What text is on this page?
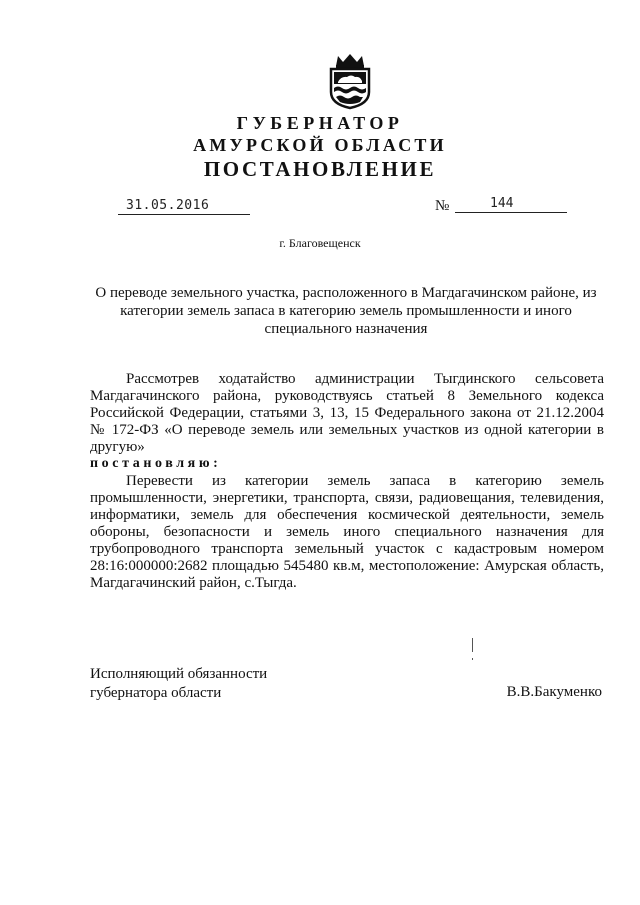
ГУБЕРНАТОР
АМУРСКОЙ ОБЛАСТИ
ПОСТАНОВЛЕНИЕ
31.05.2016	№	144
г. Благовещенск
О переводе земельного участка, расположенного в Магдагачинском районе, из категории земель запаса в категорию земель промышленности и иного специального назначения
Рассмотрев ходатайство администрации Тыгдинского сельсовета Магдагачинского района, руководствуясь статьей 8 Земельного кодекса Российской Федерации, статьями 3, 13, 15 Федерального закона от 21.12.2004 № 172-ФЗ «О переводе земель или земельных участков из одной категории в другую»
постановляю:
Перевести из категории земель запаса в категорию земель промышленности, энергетики, транспорта, связи, радиовещания, телевидения, информатики, земель для обеспечения космической деятельности, земель обороны, безопасности и земель иного специального назначения для трубопроводного транспорта земельный участок с кадастровым номером 28:16:000000:2682 площадью 545480 кв.м, местоположение: Амурская область, Магдагачинский район, с.Тыгда.
Исполняющий обязанности
губернатора области	В.В.Бакуменко
